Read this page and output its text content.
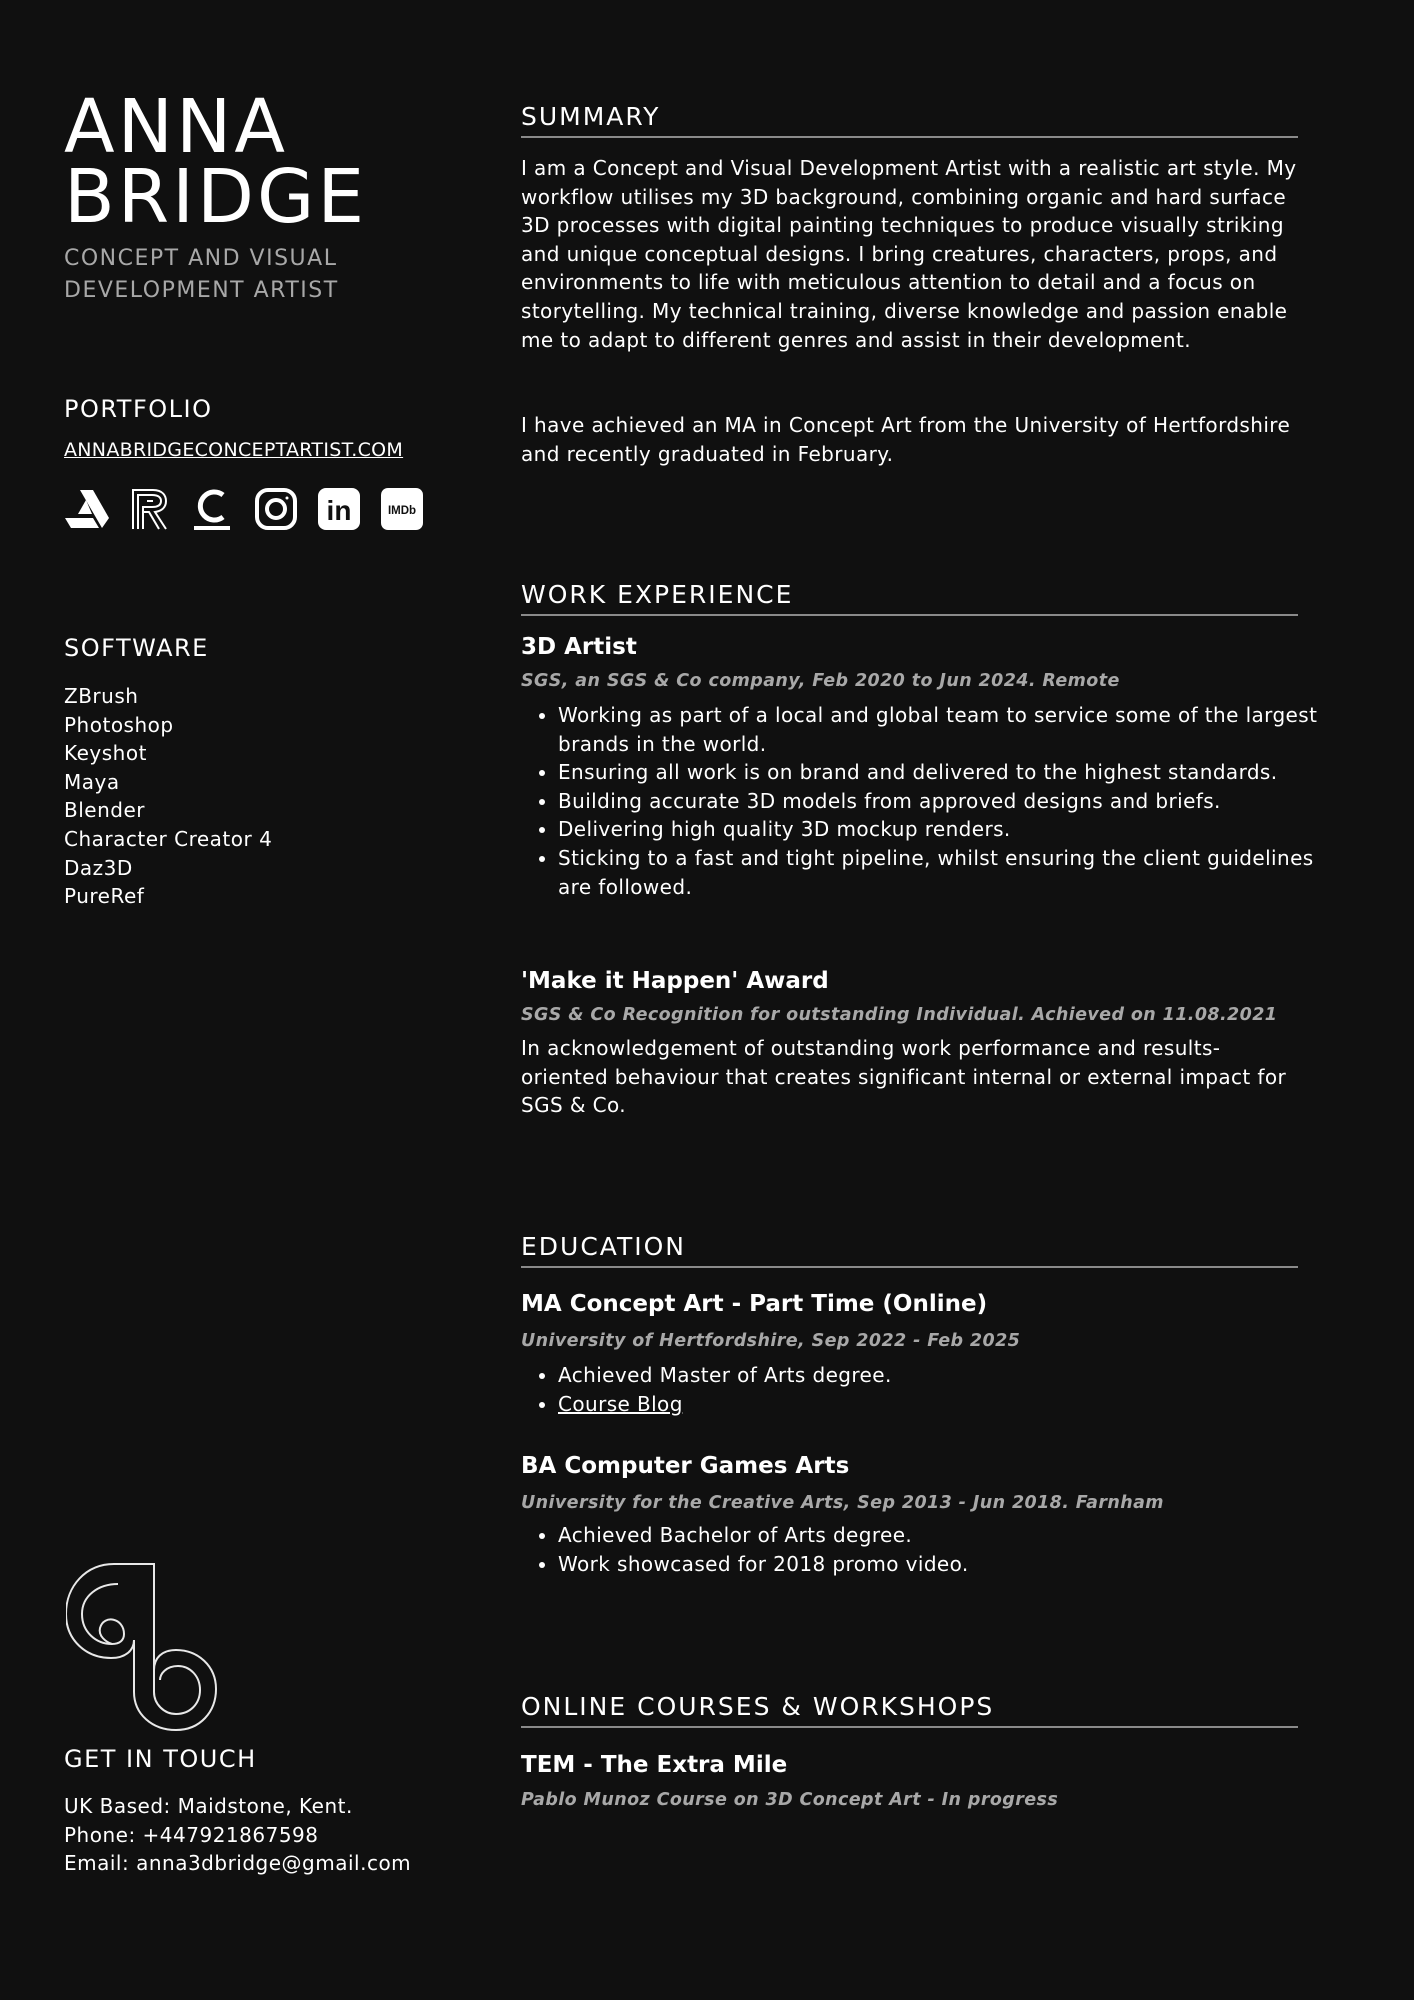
ANNA
BRIDGE
CONCEPT AND VISUAL
DEVELOPMENT ARTIST
PORTFOLIO
ANNABRIDGECONCEPTARTIST.COM
in	IMDb
SOFTWARE
ZBrush
Photoshop
Keyshot
Maya
Blender
Character Creator 4
Daz3D
PureRef
GET IN TOUCH
UK Based: Maidstone, Kent.
Phone: +447921867598
Email: anna3dbridge@gmail.com
SUMMARY

I am a Concept and Visual Development Artist with a realistic art style. My workflow utilises my 3D background, combining organic and hard surface 3D processes with digital painting techniques to produce visually striking and unique conceptual designs. I bring creatures, characters, props, and environments to life with meticulous attention to detail and a focus on storytelling. My technical training, diverse knowledge and passion enable me to adapt to different genres and assist in their development.

I have achieved an MA in Concept Art from the University of Hertfordshire and recently graduated in February.

WORK EXPERIENCE
3D Artist

SGS, an SGS & Co company, Feb 2020 to Jun 2024. Remote

• Working as part of a local and global team to service some of the largest brands in the world.
• Ensuring all work is on brand and delivered to the highest standards.
• Building accurate 3D models from approved designs and briefs.
• Delivering high quality 3D mockup renders.
• Sticking to a fast and tight pipeline, whilst ensuring the client guidelines are followed.
'Make it Happen' Award

SGS & Co Recognition for outstanding Individual. Achieved on 11.08.2021

In acknowledgement of outstanding work performance and results-oriented behaviour that creates significant internal or external impact for SGS & Co.

EDUCATION
MA Concept Art - Part Time (Online)

University of Hertfordshire, Sep 2022 - Feb 2025

• Achieved Master of Arts degree.
• Course Blog
BA Computer Games Arts

University for the Creative Arts, Sep 2013 - Jun 2018. Farnham

• Achieved Bachelor of Arts degree.
• Work showcased for 2018 promo video.
ONLINE COURSES & WORKSHOPS
TEM - The Extra Mile

Pablo Munoz Course on 3D Concept Art - In progress
